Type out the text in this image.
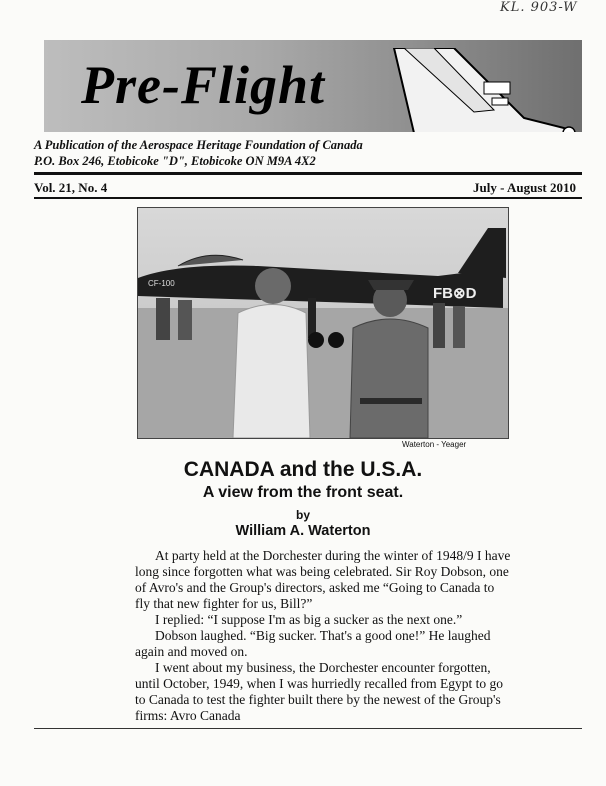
KL. 903-W
Pre-Flight
A Publication of the Aerospace Heritage Foundation of Canada
P.O. Box 246, Etobicoke "D", Etobicoke ON M9A 4X2
Vol. 21, No. 4	July - August 2010
CF-100
FB⊗D
Waterton - Yeager
CANADA and the U.S.A.
A view from the front seat.
by
William A. Waterton

At party held at the Dorchester during the winter of 1948/9 I have long since forgotten what was being celebrated. Sir Roy Dobson, one of Avro's and the Group's directors, asked me “Going to Canada to fly that new fighter for us, Bill?”

I replied: “I suppose I'm as big a sucker as the next one.”

Dobson laughed. “Big sucker. That's a good one!” He laughed again and moved on.

I went about my business, the Dorchester encounter forgotten, until October, 1949, when I was hurriedly recalled from Egypt to go to Canada to test the fighter built there by the newest of the Group's firms: Avro Canada
